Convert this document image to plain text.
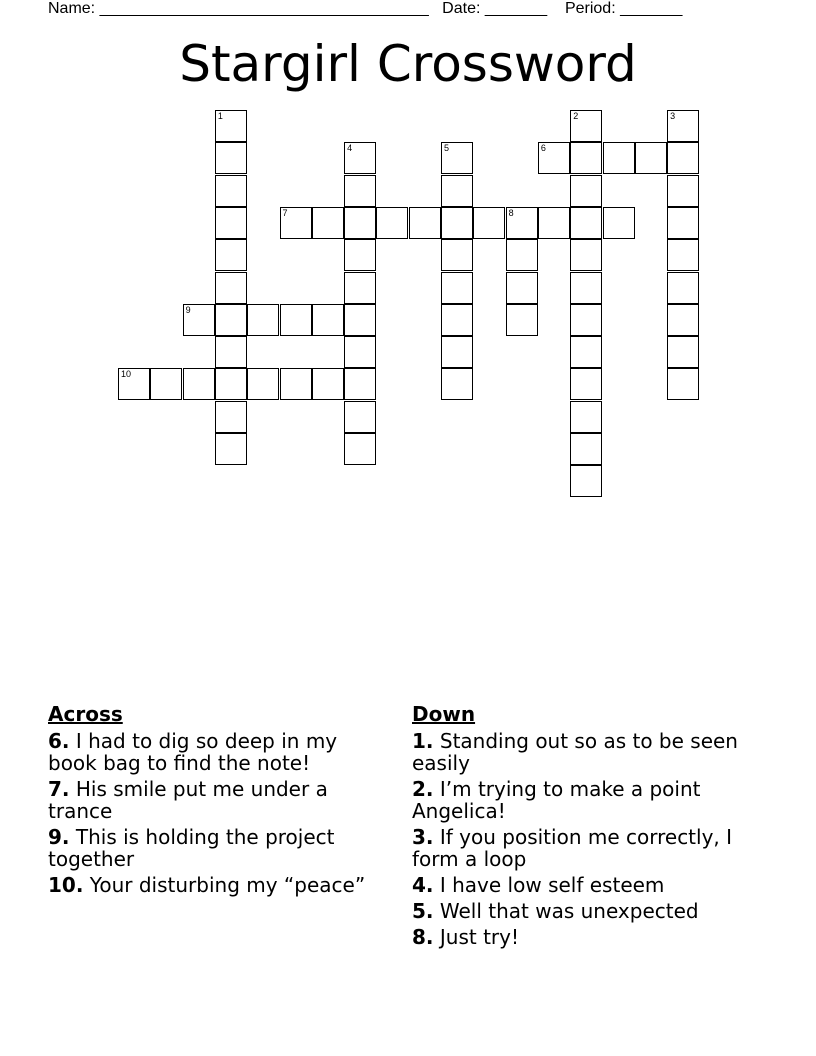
Name: _____________________________________ Date: _______ Period: _______
Stargirl Crossword
1	2	3
4	5	6
7	8
9
10
Across
6. I had to dig so deep in my book bag to find the note!
7. His smile put me under a trance
9. This is holding the project together
10. Your disturbing my “peace”
Down
1. Standing out so as to be seen easily
2. I’m trying to make a point Angelica!
3. If you position me correctly, I form a loop
4. I have low self esteem
5. Well that was unexpected
8. Just try!
